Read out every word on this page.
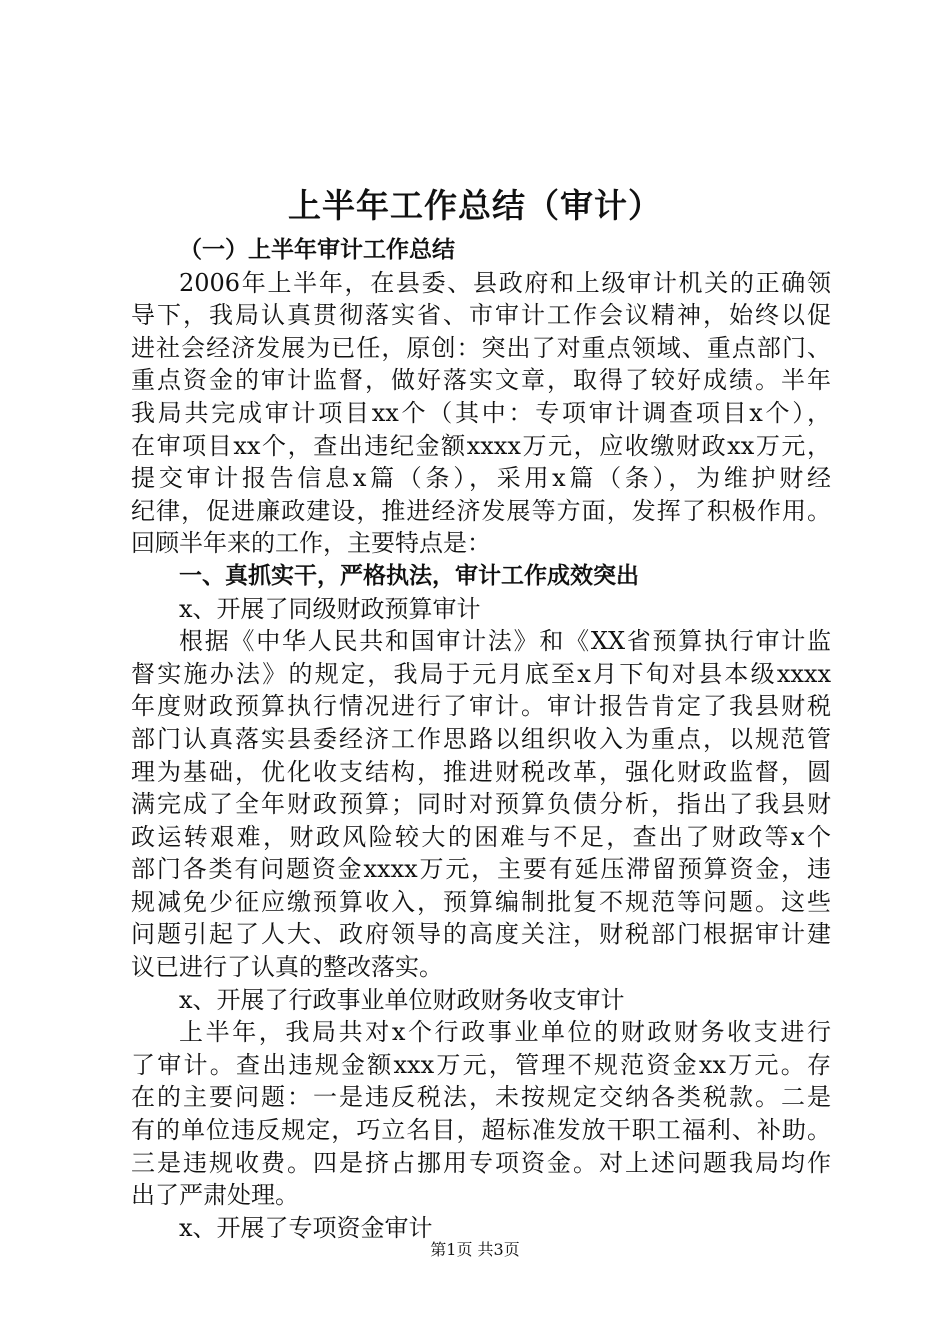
上半年工作总结（审计）
（一）上半年审计工作总结
2006年上半年，在县委、县政府和上级审计机关的正确领
导下，我局认真贯彻落实省、市审计工作会议精神，始终以促
进社会经济发展为已任，原创：突出了对重点领域、重点部门、
重点资金的审计监督，做好落实文章，取得了较好成绩。半年
我局共完成审计项目xx个（其中：专项审计调查项目x个），
在审项目xx个，查出违纪金额xxxx万元，应收缴财政xx万元，
提交审计报告信息x篇（条），采用x篇（条），为维护财经
纪律，促进廉政建设，推进经济发展等方面，发挥了积极作用。
回顾半年来的工作，主要特点是：
一、真抓实干，严格执法，审计工作成效突出
x、开展了同级财政预算审计
根据《中华人民共和国审计法》和《XX省预算执行审计监
督实施办法》的规定，我局于元月底至x月下旬对县本级xxxx
年度财政预算执行情况进行了审计。审计报告肯定了我县财税
部门认真落实县委经济工作思路以组织收入为重点，以规范管
理为基础，优化收支结构，推进财税改革，强化财政监督，圆
满完成了全年财政预算；同时对预算负债分析，指出了我县财
政运转艰难，财政风险较大的困难与不足，查出了财政等x个
部门各类有问题资金xxxx万元，主要有延压滞留预算资金，违
规减免少征应缴预算收入，预算编制批复不规范等问题。这些
问题引起了人大、政府领导的高度关注，财税部门根据审计建
议已进行了认真的整改落实。
x、开展了行政事业单位财政财务收支审计
上半年，我局共对x个行政事业单位的财政财务收支进行
了审计。查出违规金额xxx万元，管理不规范资金xx万元。存
在的主要问题：一是违反税法，未按规定交纳各类税款。二是
有的单位违反规定，巧立名目，超标准发放干职工福利、补助。
三是违规收费。四是挤占挪用专项资金。对上述问题我局均作
出了严肃处理。
x、开展了专项资金审计
第1页 共3页
